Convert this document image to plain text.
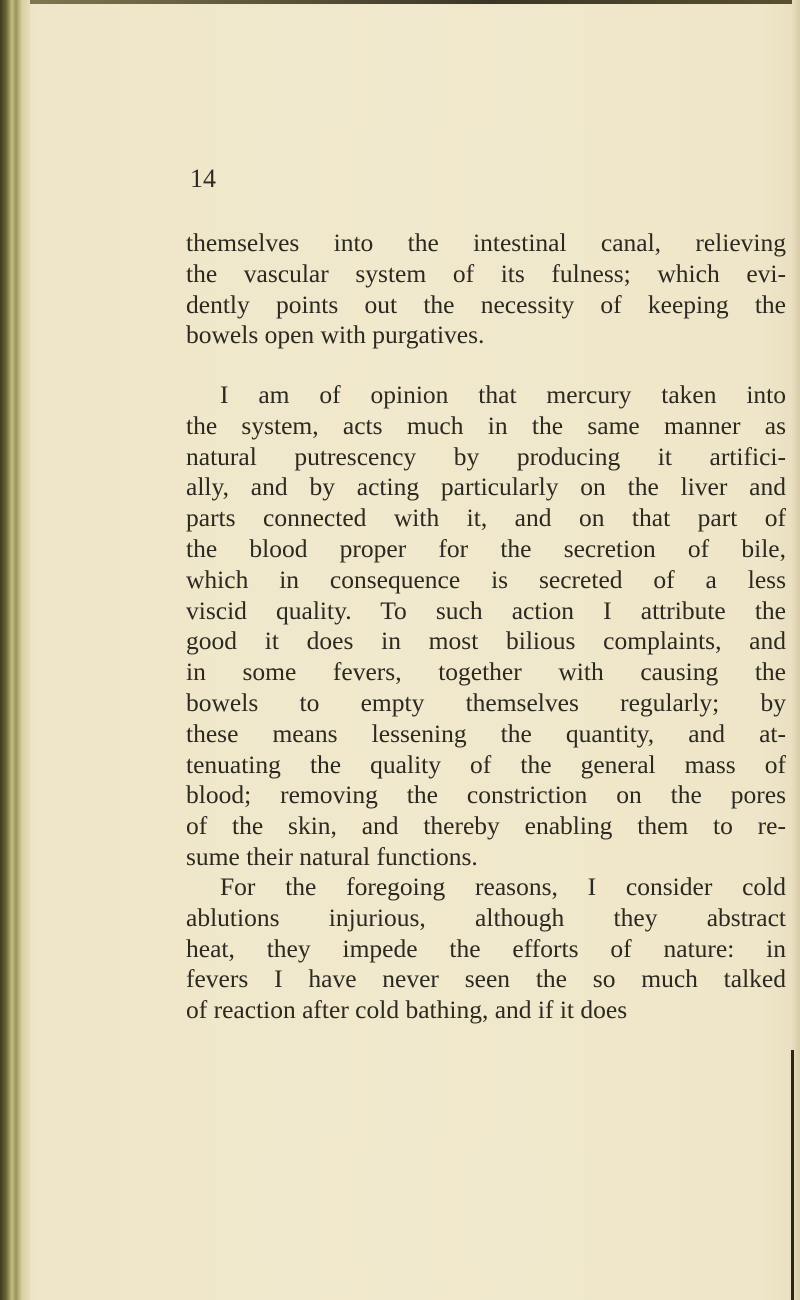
14
themselves into the intestinal canal, relieving
the vascular system of its fulness; which evi-
dently points out the necessity of keeping the
bowels open with purgatives.
I am of opinion that mercury taken into
the system, acts much in the same manner as
natural putrescency by producing it artifici-
ally, and by acting particularly on the liver and
parts connected with it, and on that part of
the blood proper for the secretion of bile,
which in consequence is secreted of a less
viscid quality. To such action I attribute the
good it does in most bilious complaints, and
in some fevers, together with causing the
bowels to empty themselves regularly; by
these means lessening the quantity, and at-
tenuating the quality of the general mass of
blood; removing the constriction on the pores
of the skin, and thereby enabling them to re-
sume their natural functions.
For the foregoing reasons, I consider cold
ablutions injurious, although they abstract
heat, they impede the efforts of nature: in
fevers I have never seen the so much talked
of reaction after cold bathing, and if it does
